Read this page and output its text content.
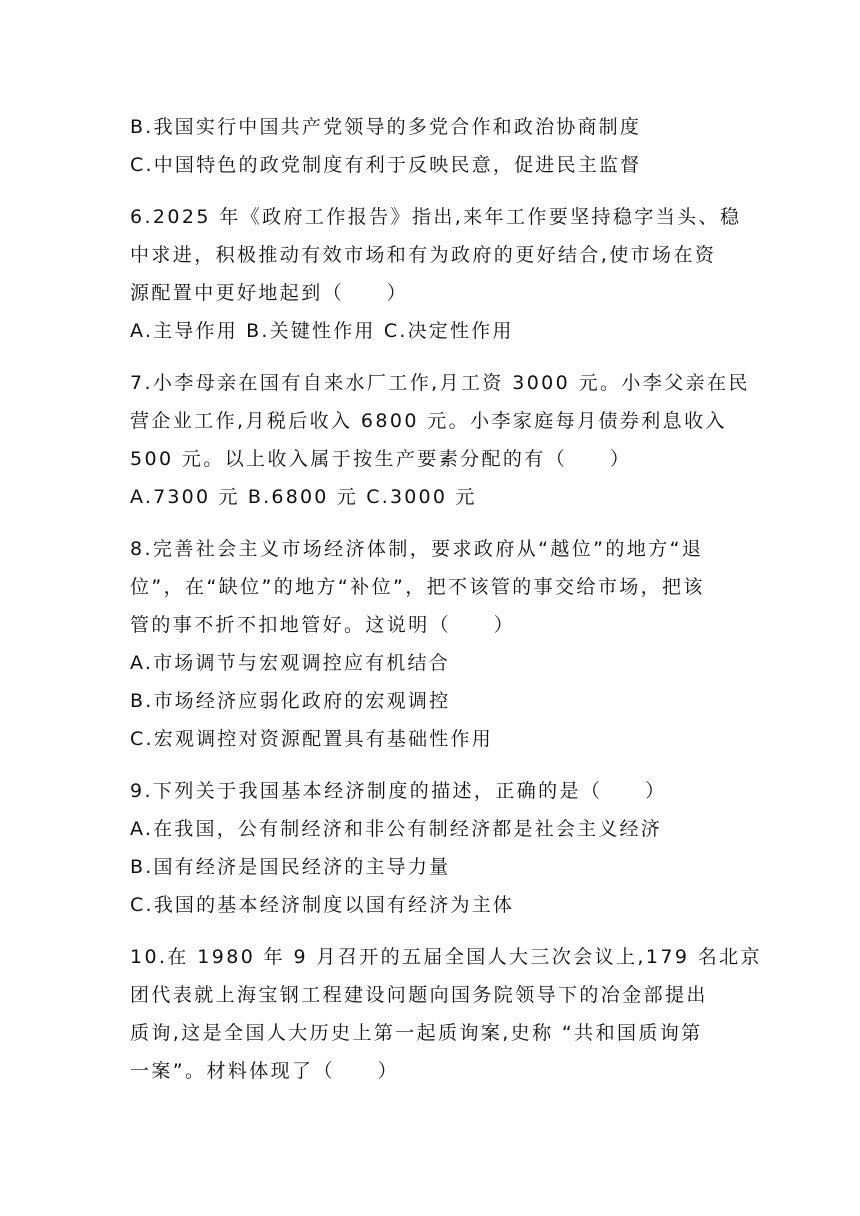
B.我国实行中国共产党领导的多党合作和政治协商制度
C.中国特色的政党制度有利于反映民意，促进民主监督
6.2025 年《政府工作报告》指出,来年工作要坚持稳字当头、稳
中求进，积极推动有效市场和有为政府的更好结合,使市场在资
源配置中更好地起到（　　）
A.主导作用 B.关键性作用 C.决定性作用
7.小李母亲在国有自来水厂工作,月工资 3000 元。小李父亲在民
营企业工作,月税后收入 6800 元。小李家庭每月债券利息收入
500 元。以上收入属于按生产要素分配的有（　　）
A.7300 元 B.6800 元 C.3000 元
8.完善社会主义市场经济体制，要求政府从“越位”的地方“退
位”，在“缺位”的地方“补位”，把不该管的事交给市场，把该
管的事不折不扣地管好。这说明（　　）
A.市场调节与宏观调控应有机结合
B.市场经济应弱化政府的宏观调控
C.宏观调控对资源配置具有基础性作用
9.下列关于我国基本经济制度的描述，正确的是（　　）
A.在我国，公有制经济和非公有制经济都是社会主义经济
B.国有经济是国民经济的主导力量
C.我国的基本经济制度以国有经济为主体
10.在 1980 年 9 月召开的五届全国人大三次会议上,179 名北京
团代表就上海宝钢工程建设问题向国务院领导下的冶金部提出
质询,这是全国人大历史上第一起质询案,史称 “共和国质询第
一案”。材料体现了（　　）
